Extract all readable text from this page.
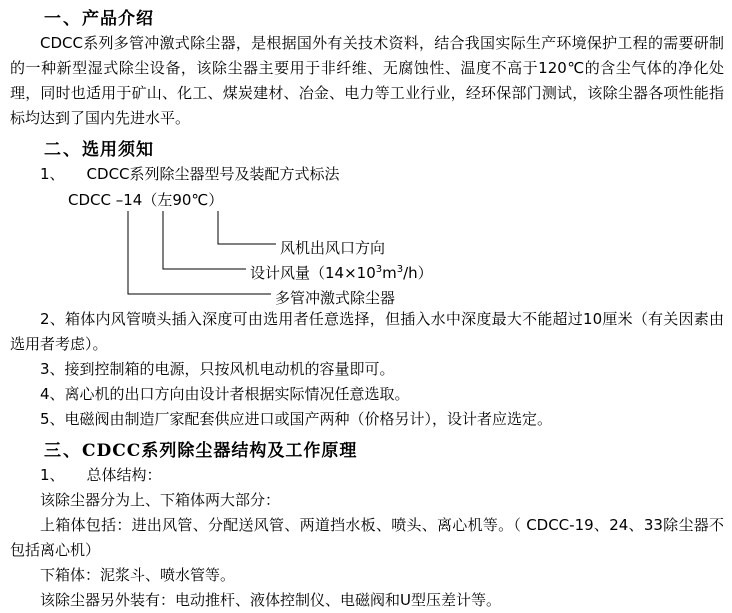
一、产品介绍
CDCC系列多管冲激式除尘器，是根据国外有关技术资料，结合我国实际生产环境保护工程的需要研制的一种新型湿式除尘设备，该除尘器主要用于非纤维、无腐蚀性、温度不高于120℃的含尘气体的净化处理，同时也适用于矿山、化工、煤炭建材、冶金、电力等工业行业，经环保部门测试，该除尘器各项性能指标均达到了国内先进水平。
二、选用须知
1、 CDCC系列除尘器型号及装配方式标法
CDCC –14（左90℃）
风机出风口方向
设计风量$(14\times 10^3m^3/h)$
多管冲激式除尘器
2、箱体内风管喷头插入深度可由选用者任意选择，但插入水中深度最大不能超过10厘米（有关因素由选用者考虑）。
3、接到控制箱的电源，只按风机电动机的容量即可。
4、离心机的出口方向由设计者根据实际情况任意选取。
5、电磁阀由制造厂家配套供应进口或国产两种（价格另计），设计者应选定。
三、CDCC系列除尘器结构及工作原理
1、 总体结构：
该除尘器分为上、下箱体两大部分：
上箱体包括：进出风管、分配送风管、两道挡水板、喷头、离心机等。（ CDCC-19、24、33除尘器不包括离心机）
下箱体：泥浆斗、喷水管等。
该除尘器另外装有：电动推杆、液体控制仪、电磁阀和U型压差计等。
